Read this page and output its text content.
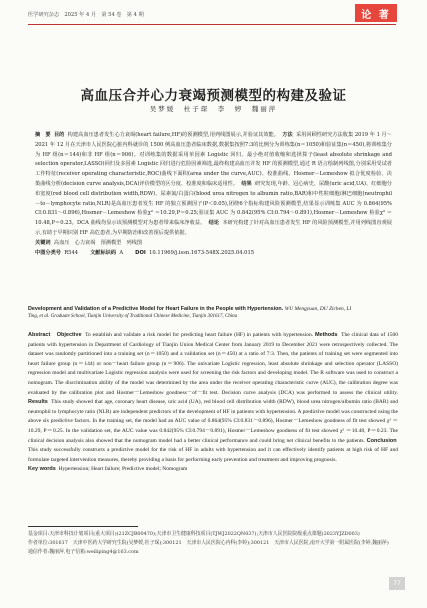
医学研究杂志　2025 年 4 月　第 54 卷　第 4 期	论 著
高血压合并心力衰竭预测模型的构建及验证
吴梦媛　杜子琛　李　婷　魏丽萍
摘　要 目的 构建高血压患者发生心力衰竭(heart failure,HF)的预测模型,用列线图展示,并验证其效能。 方法 采用回顾性研究方法收集 2019 年 1 月～2021 年 12 月在天津市人民医院心脏内科就诊的 1500 例高血压患者临床数据,数据集按照7:3的比例分为训练集(n＝1050)和验证集(n＝450),将训练集分为 HF 组(n＝144)和非 HF 组(n＝906)。对训练集的数据采用单因素 Logistic 回归、最小绝对值收缩和选择算子(least absolute shrinkage and selection operator,LASSO)回归及多因素 Logistic 回归进行危险因素筛选,最终构建高血压并发 HF 的预测模型,通过 R 语言绘制列线图,分别采用受试者工作特征(receiver operating characteristic,ROC)曲线下面积(area under the curve,AUC)、校准曲线、Hosmer－Lemeshow 拟合优度检验、决策曲线分析(decision curve analysis,DCA)评价模型的区分度、校准度和临床适用性。 结果 研究发现,年龄、冠心病史、尿酸(uric acid,UA)、红细胞分布宽度(red blood cell distribution width,RDW)、尿素氮/白蛋白(blood urea nitrogen to albumin ratio,BAR)和中性粒细胞/淋巴细胞(neutrophil－to－lymphocyte ratio,NLR)是高血压患者发生 HF 的独立预测因子(P＜0.05),团绕6个指标构建风险预测模型,结果显示训练集 AUC 为 0.864(95% CI:0.831～0.896),Hosmer－Lemeshow 检验χ² ＝10.29,P＝0.25;验证集 AUC 为 0.842(95% CI:0.794～0.891),Hosmer－Lemeshow 检验χ² ＝10.48,P＝0.23。DCA 曲线均显示该预测模型对为患者带来临床净收益。 结论 本研究构建了针对高血压患者发生 HF 的风险预测模型,并用列线图直观展示,有助于早期识别 HF 高危患者,为早期防治和改善预后提供依据。
关键词 高血压　心力衰竭　预测模型　列线图
中图分类号 R544   文献标识码 A   DOI 10.11969/j.issn.1673-548X.2025.04.015
Development and Validation of a Predictive Model for Heart Failure in the People with Hypertension. WU Mengyuan, DU Zichen, LI
Ting, et al. Graduate School, Tianjin University of Traditional Chinese Medicine, Tianjin 301617, China
Abstract　Objective To establish and validate a risk model for predicting heart failure (HF) in patients with hypertension. Methods The clinical data of 1500 patients with hypertension in Department of Cardiology of Tianjin Union Medical Center from January 2019 to December 2021 were retrospectively collected. The dataset was randomly partitioned into a training set (n＝1050) and a validation set (n＝450) at a ratio of 7:3. Then, the patients of training set were segmented into heart failure group (n＝144) or non－heart failure group (n＝906). The univariate Logistic regression, least absolute shrinkage and selection operator (LASSO) regression model and multivariate Logistic regression analysis were used for screening the risk factors and developing model. The R software was used to construct a nomogram. The discrimination ability of the model was determined by the area under the receiver operating characteristic curve (AUC), the calibration degree was evaluated by the calibration plot and Hosmer－Lemeshow goodness－of－fit test. Decision curve analysis (DCA) was performed to assess the clinical utility. Results This study showed that age, coronary heart disease, uric acid (UA), red blood cell distribution width (RDW), blood urea nitrogen/albumin ratio (BAR) and neutrophil to lymphocyte ratio (NLR) are independent predictors of the development of HF in patients with hypertension. A predictive model was constructed using the above six predictive factors. In the training set, the model had an AUC value of 0.864(95% CI:0.831－0.896), Hosmer－Lemeshow goodness of fit test showed χ² ＝10.29, P＝0.25. In the validation set, the AUC value was 0.842(95% CI:0.794－0.891), Hosmer－Lemeshow goodness of fit test showed χ² ＝10.48, P＝0.23. The clinical decision analysis also showed that the nomogram model had a better clinical performance and could bring net clinical benefits to the patients. Conclusion  This study successfully constructs a predictive model for the risk of HF in adults with hypertension and it can effectively identify patients at high risk of HF and formulate targeted intervention measures, thereby providing a basis for performing early prevention and treatment and improving prognosis.
Key words Hypertension; Heart failure; Predictive model; Nomogram
基金项目:天津市科技计划项目(重大项目)(21ZCJB00470);天津市卫生健康科技项目(TJWJ2022QN037);天津市人民医院院级重点课题(2023YJZD003)
作者单位:301617　天津中医药大学研究生院(吴梦媛,杜子琛);300121　天津市人民医院心内科(李婷);300121　天津市人民医院,南开大学第一附属医院(李婷,魏丽萍)
通信作者:魏丽萍,电子信箱:weiliping4@163.com
77
